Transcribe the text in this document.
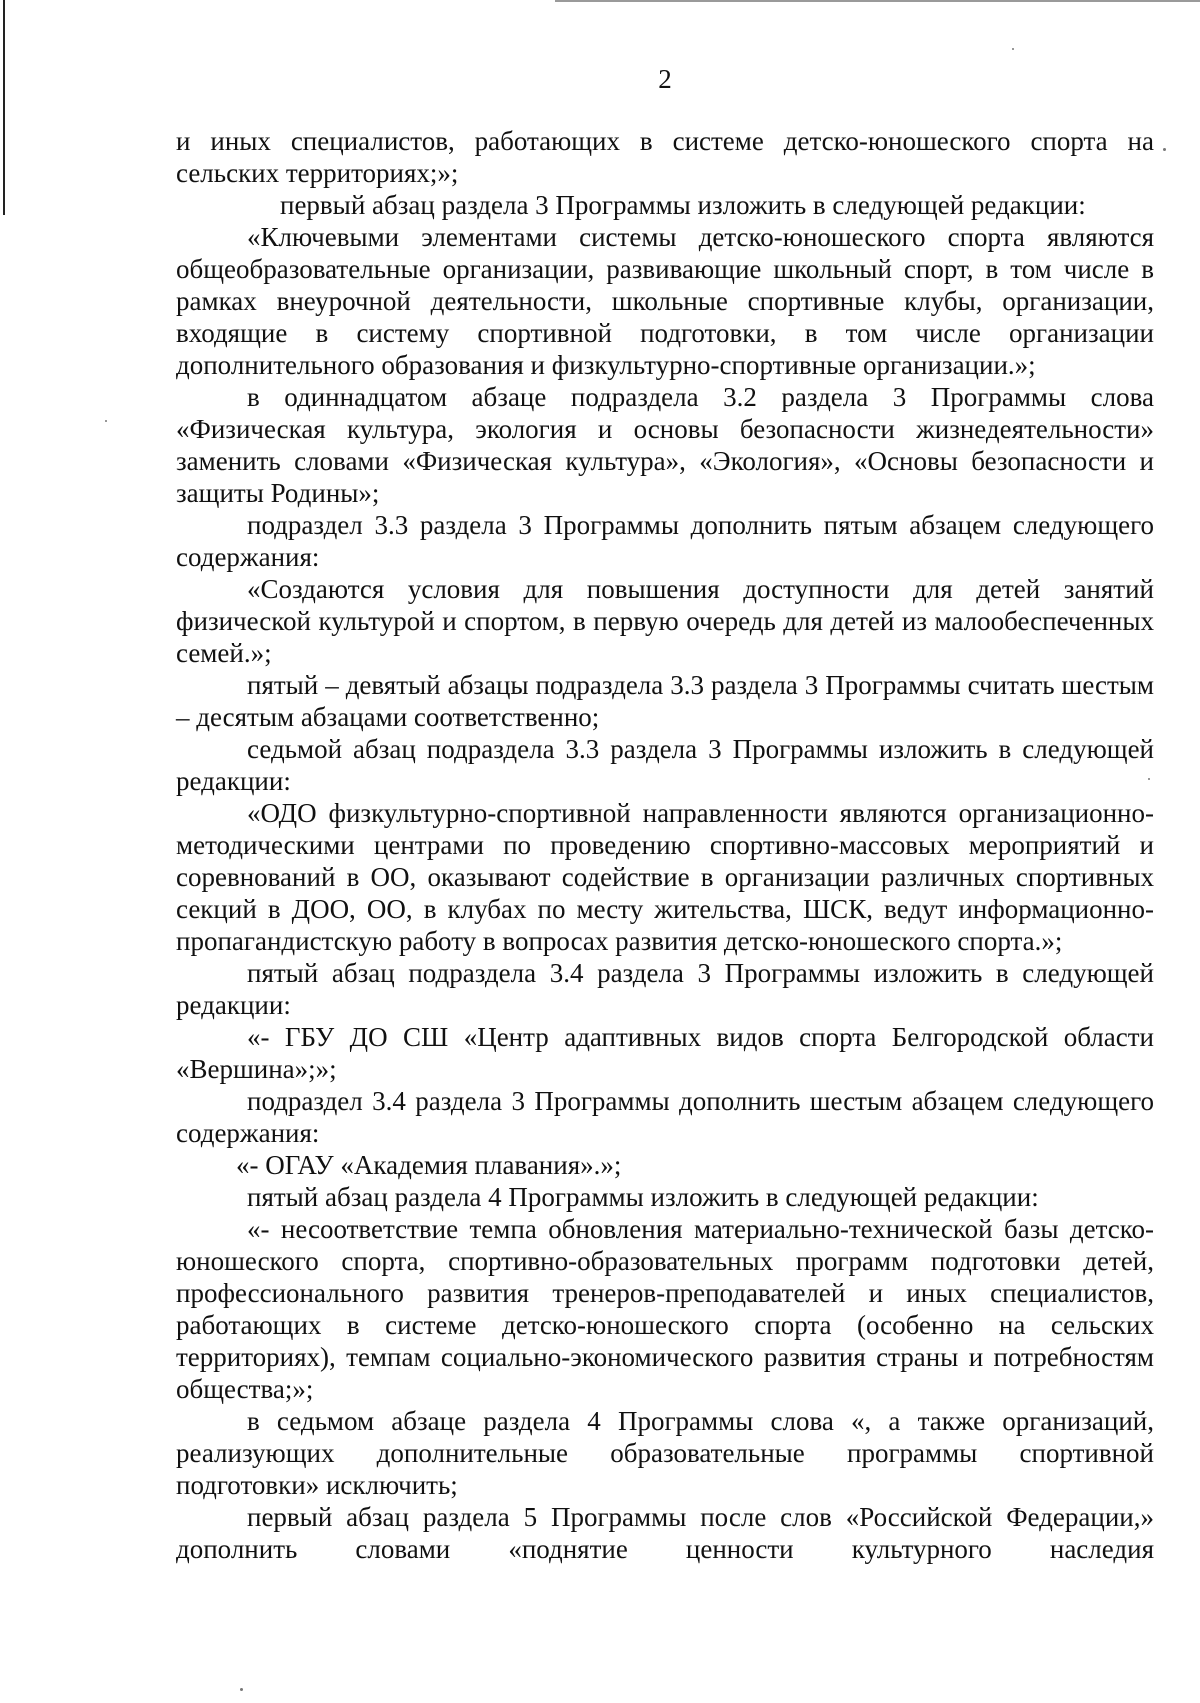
2

и иных специалистов, работающих в системе детско-юношеского спорта на сельских территориях;»;

первый абзац раздела 3 Программы изложить в следующей редакции:

«Ключевыми элементами системы детско-юношеского спорта являются общеобразовательные организации, развивающие школьный спорт, в том числе в рамках внеурочной деятельности, школьные спортивные клубы, организации, входящие в систему спортивной подготовки, в том числе организации дополнительного образования и физкультурно-спортивные организации.»;

в одиннадцатом абзаце подраздела 3.2 раздела 3 Программы слова «Физическая культура, экология и основы безопасности жизнедеятельности» заменить словами «Физическая культура», «Экология», «Основы безопасности и защиты Родины»;

подраздел 3.3 раздела 3 Программы дополнить пятым абзацем следующего содержания:

«Создаются условия для повышения доступности для детей занятий физической культурой и спортом, в первую очередь для детей из малообеспеченных семей.»;

пятый – девятый абзацы подраздела 3.3 раздела 3 Программы считать шестым – десятым абзацами соответственно;

седьмой абзац подраздела 3.3 раздела 3 Программы изложить в следующей редакции:

«ОДО физкультурно-спортивной направленности являются организационно-методическими центрами по проведению спортивно-массовых мероприятий и соревнований в ОО, оказывают содействие в организации различных спортивных секций в ДОО, ОО, в клубах по месту жительства, ШСК, ведут информационно-пропагандистскую работу в вопросах развития детско-юношеского спорта.»;

пятый абзац подраздела 3.4 раздела 3 Программы изложить в следующей редакции:

«- ГБУ ДО СШ «Центр адаптивных видов спорта Белгородской области «Вершина»;»;

подраздел 3.4 раздела 3 Программы дополнить шестым абзацем следующего содержания:

«- ОГАУ «Академия плавания».»;

пятый абзац раздела 4 Программы изложить в следующей редакции:

«- несоответствие темпа обновления материально-технической базы детско-юношеского спорта, спортивно-образовательных программ подготовки детей, профессионального развития тренеров-преподавателей и иных специалистов, работающих в системе детско-юношеского спорта (особенно на сельских территориях), темпам социально-экономического развития страны и потребностям общества;»;

в седьмом абзаце раздела 4 Программы слова «, а также организаций, реализующих дополнительные образовательные программы спортивной подготовки» исключить;

первый абзац раздела 5 Программы после слов «Российской Федерации,» дополнить словами «поднятие ценности культурного наследия
